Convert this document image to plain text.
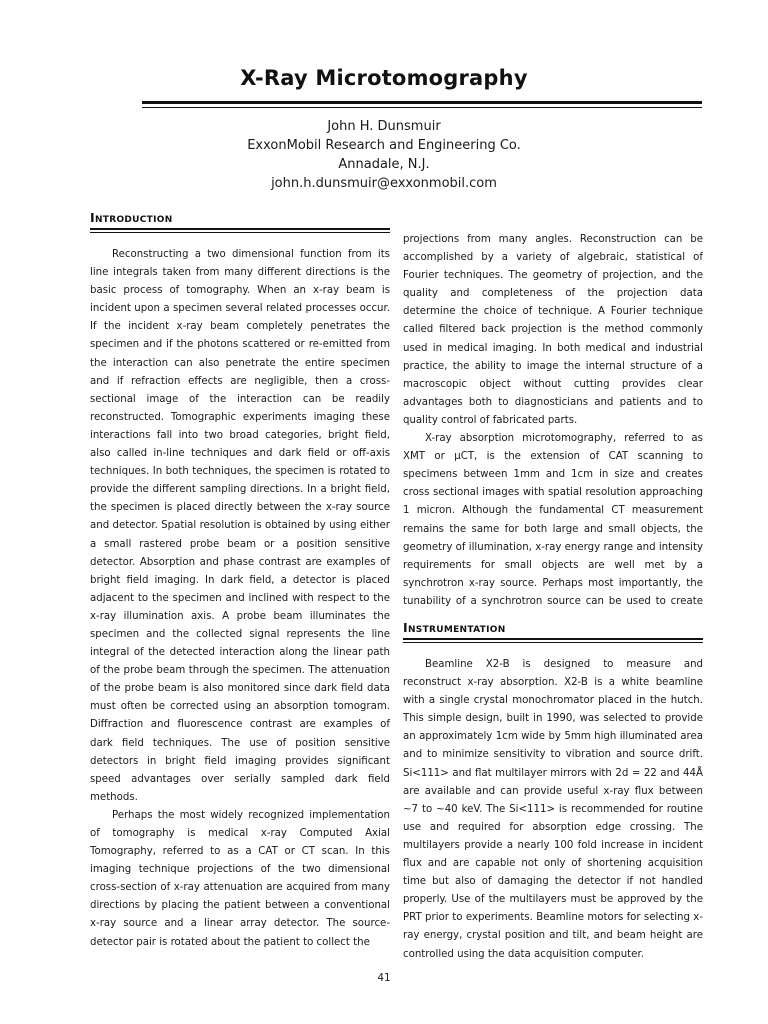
X-Ray Microtomography
John H. Dunsmuir
ExxonMobil Research and Engineering Co.
Annadale, N.J.
john.h.dunsmuir@exxonmobil.com
Introduction

Reconstructing a two dimensional function from its line integrals taken from many different directions is the basic process of tomography. When an x-ray beam is incident upon a specimen several related processes occur. If the incident x-ray beam completely penetrates the specimen and if the photons scattered or re-emitted from the interaction can also penetrate the entire specimen and if refraction effects are negligible, then a cross-sectional image of the interaction can be readily reconstructed. Tomographic experiments imaging these interactions fall into two broad categories, bright field, also called in-line techniques and dark field or off-axis techniques. In both techniques, the specimen is rotated to provide the different sampling directions. In a bright field, the specimen is placed directly between the x-ray source and detector. Spatial resolution is obtained by using either a small rastered probe beam or a position sensitive detector. Absorption and phase contrast are examples of bright field imaging. In dark field, a detector is placed adjacent to the specimen and inclined with respect to the x-ray illumination axis. A probe beam illuminates the specimen and the collected signal represents the line integral of the detected interaction along the linear path of the probe beam through the specimen. The attenuation of the probe beam is also monitored since dark field data must often be corrected using an absorption tomogram. Diffraction and fluorescence contrast are examples of dark field techniques. The use of position sensitive detectors in bright field imaging provides significant speed advantages over serially sampled dark field methods.

Perhaps the most widely recognized implementation of tomography is medical x-ray Computed Axial Tomography, referred to as a CAT or CT scan. In this imaging technique projections of the two dimensional cross-section of x-ray attenuation are acquired from many directions by placing the patient between a conventional x-ray source and a linear array detector. The source-detector pair is rotated about the patient to collect the

projections from many angles. Reconstruction can be accomplished by a variety of algebraic, statistical of Fourier techniques. The geometry of projection, and the quality and completeness of the projection data determine the choice of technique. A Fourier technique called filtered back projection is the method commonly used in medical imaging. In both medical and industrial practice, the ability to image the internal structure of a macroscopic object without cutting provides clear advantages both to diagnosticians and patients and to quality control of fabricated parts.

X-ray absorption microtomography, referred to as XMT or μCT, is the extension of CAT scanning to specimens between 1mm and 1cm in size and creates cross sectional images with spatial resolution approaching 1 micron. Although the fundamental CT measurement remains the same for both large and small objects, the geometry of illumination, x-ray energy range and intensity requirements for small objects are well met by a synchrotron x-ray source. Perhaps most importantly, the tunability of a synchrotron source can be used to create

Instrumentation

Beamline X2-B is designed to measure and reconstruct x-ray absorption. X2-B is a white beamline with a single crystal monochromator placed in the hutch. This simple design, built in 1990, was selected to provide an approximately 1cm wide by 5mm high illuminated area and to minimize sensitivity to vibration and source drift. Si<111> and flat multilayer mirrors with 2d = 22 and 44Å are available and can provide useful x-ray flux between ~7 to ~40 keV. The Si<111> is recommended for routine use and required for absorption edge crossing. The multilayers provide a nearly 100 fold increase in incident flux and are capable not only of shortening acquisition time but also of damaging the detector if not handled properly. Use of the multilayers must be approved by the PRT prior to experiments. Beamline motors for selecting x-ray energy, crystal position and tilt, and beam height are controlled using the data acquisition computer.

41
